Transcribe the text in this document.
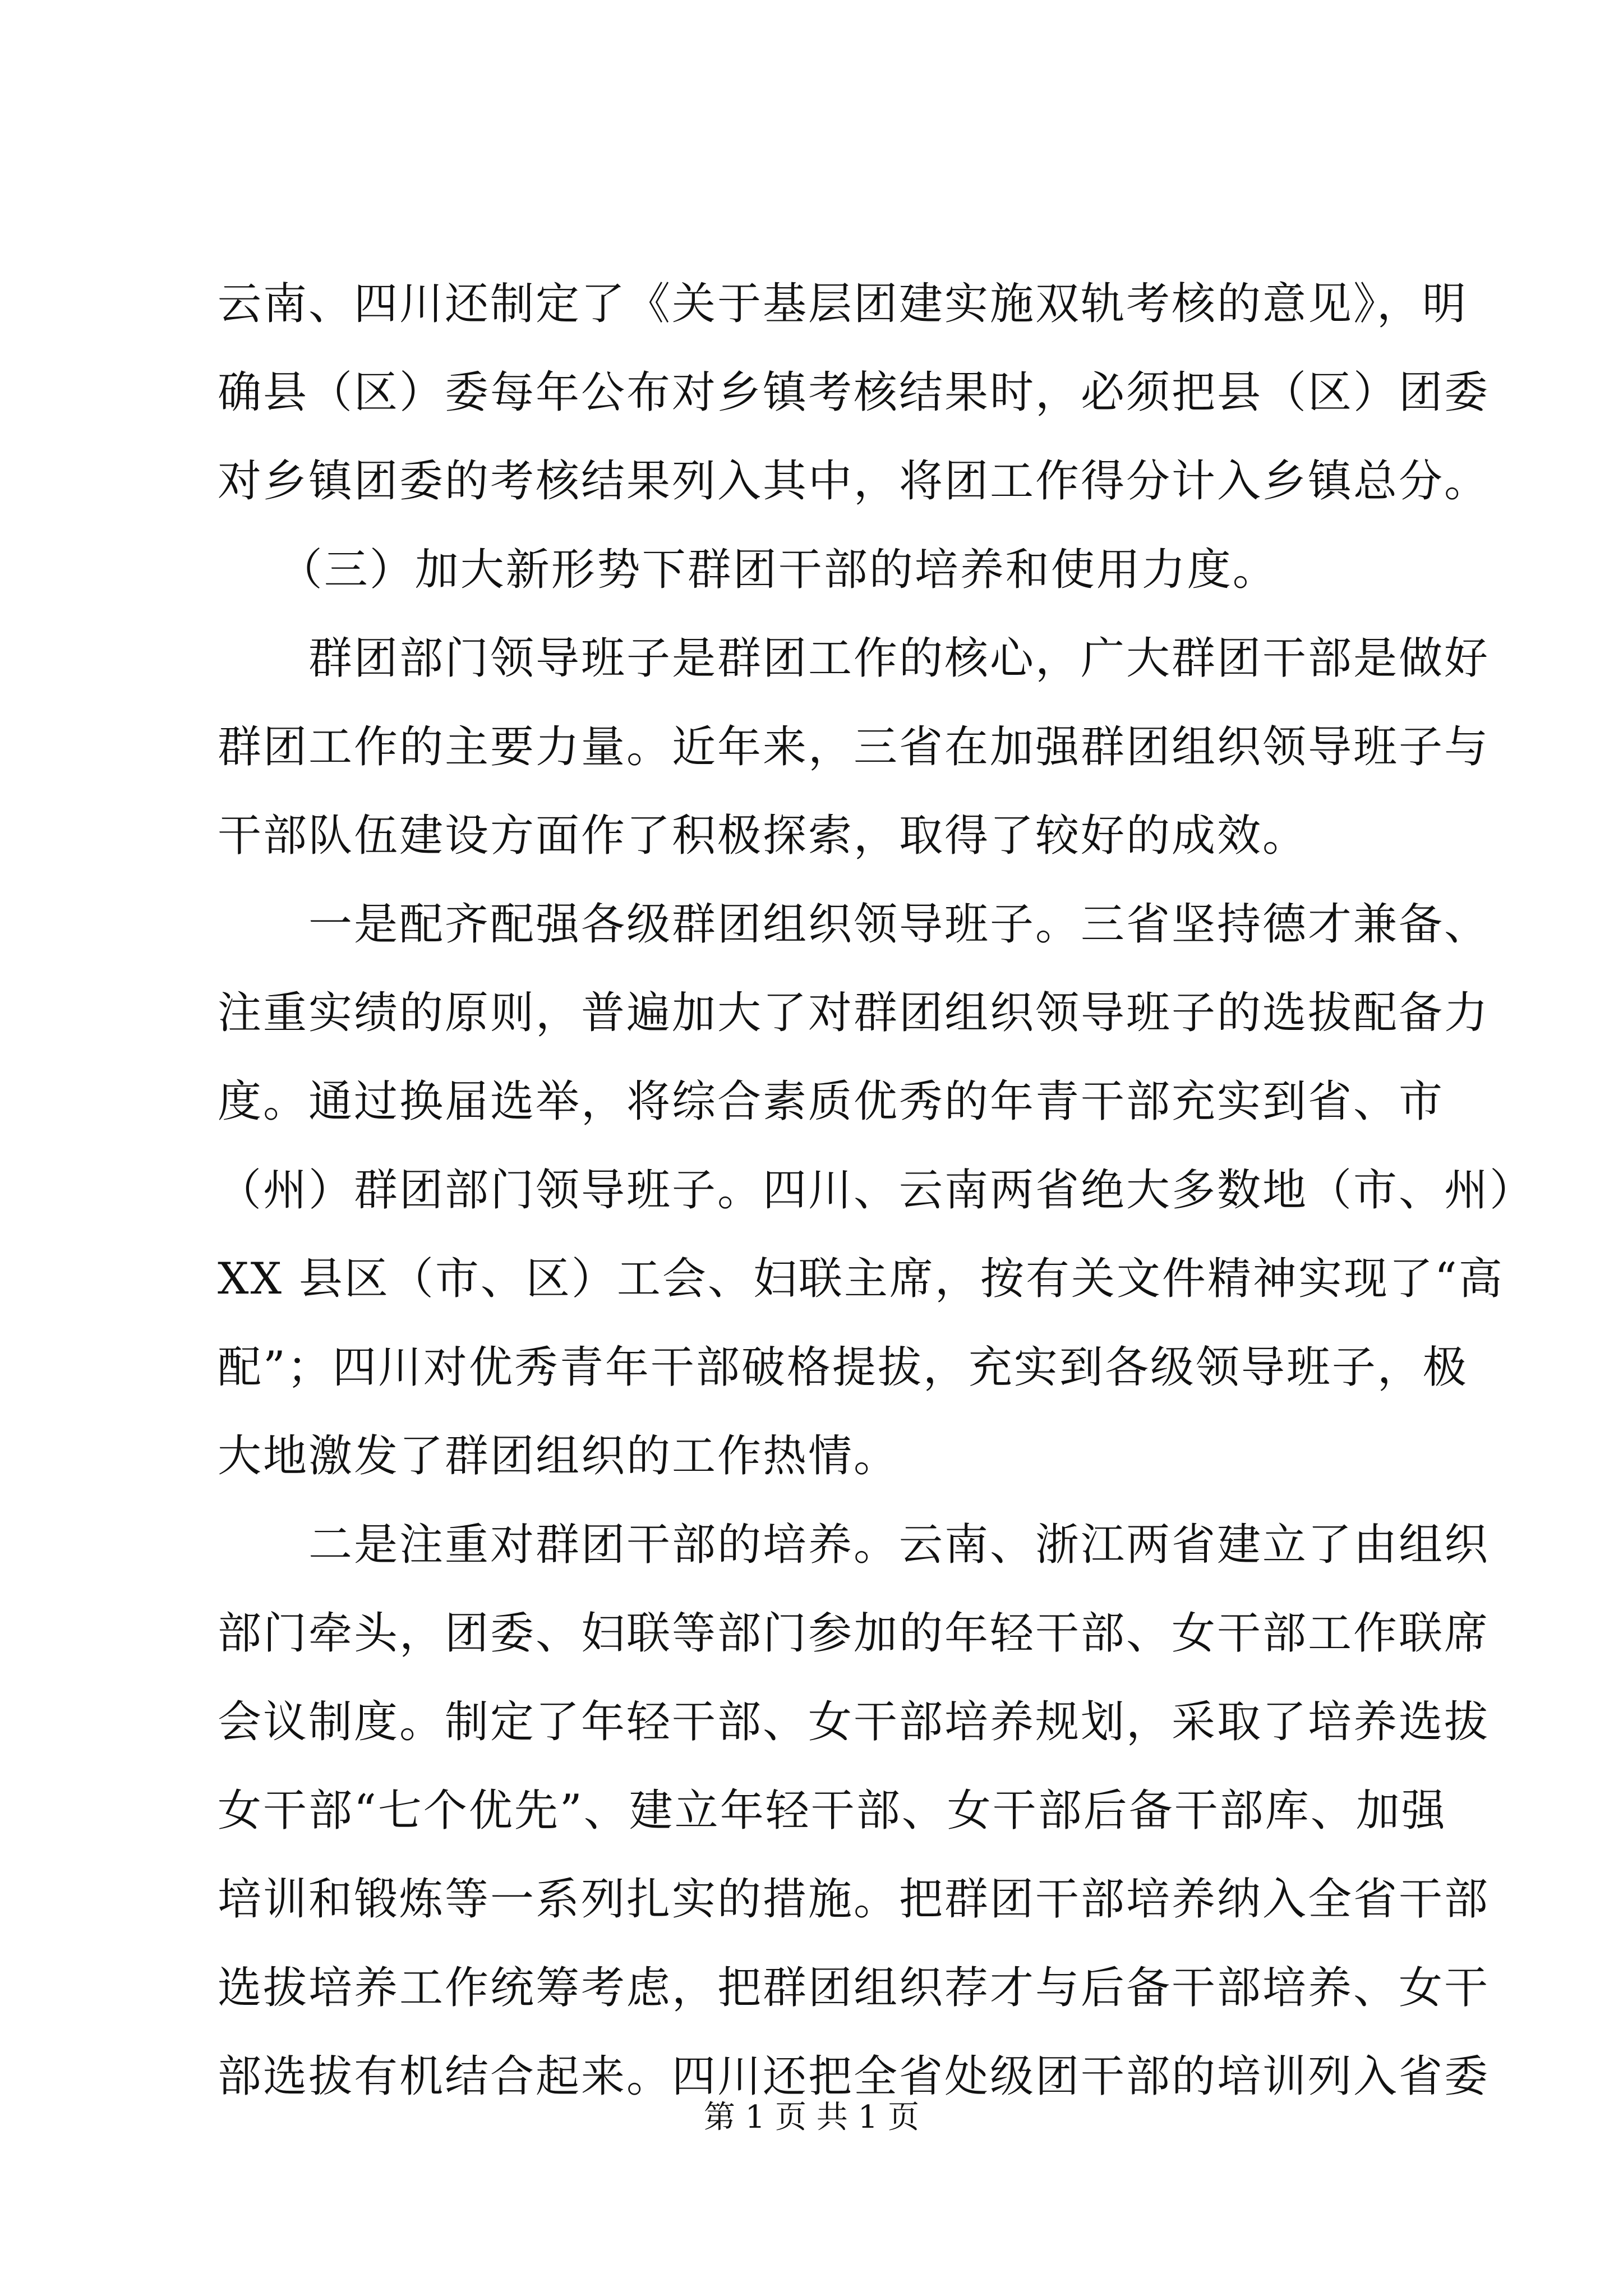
云南、四川还制定了《关于基层团建实施双轨考核的意见》，明
确县（区）委每年公布对乡镇考核结果时，必须把县（区）团委
对乡镇团委的考核结果列入其中，将团工作得分计入乡镇总分。
　 （三）加大新形势下群团干部的培养和使用力度。
　　群团部门领导班子是群团工作的核心，广大群团干部是做好
群团工作的主要力量。近年来，三省在加强群团组织领导班子与
干部队伍建设方面作了积极探索，取得了较好的成效。
　　一是配齐配强各级群团组织领导班子。三省坚持德才兼备、
注重实绩的原则，普遍加大了对群团组织领导班子的选拔配备力
度。通过换届选举，将综合素质优秀的年青干部充实到省、市
（州）群团部门领导班子。四川、云南两省绝大多数地（市、州）
XX 县区（市、区）工会、妇联主席，按有关文件精神实现了“高
配”；四川对优秀青年干部破格提拔，充实到各级领导班子，极
大地激发了群团组织的工作热情。
　　二是注重对群团干部的培养。云南、浙江两省建立了由组织
部门牵头，团委、妇联等部门参加的年轻干部、女干部工作联席
会议制度。制定了年轻干部、女干部培养规划，采取了培养选拔
女干部“七个优先”、建立年轻干部、女干部后备干部库、加强
培训和锻炼等一系列扎实的措施。把群团干部培养纳入全省干部
选拔培养工作统筹考虑，把群团组织荐才与后备干部培养、女干
部选拔有机结合起来。四川还把全省处级团干部的培训列入省委
第 1 页 共 1 页
